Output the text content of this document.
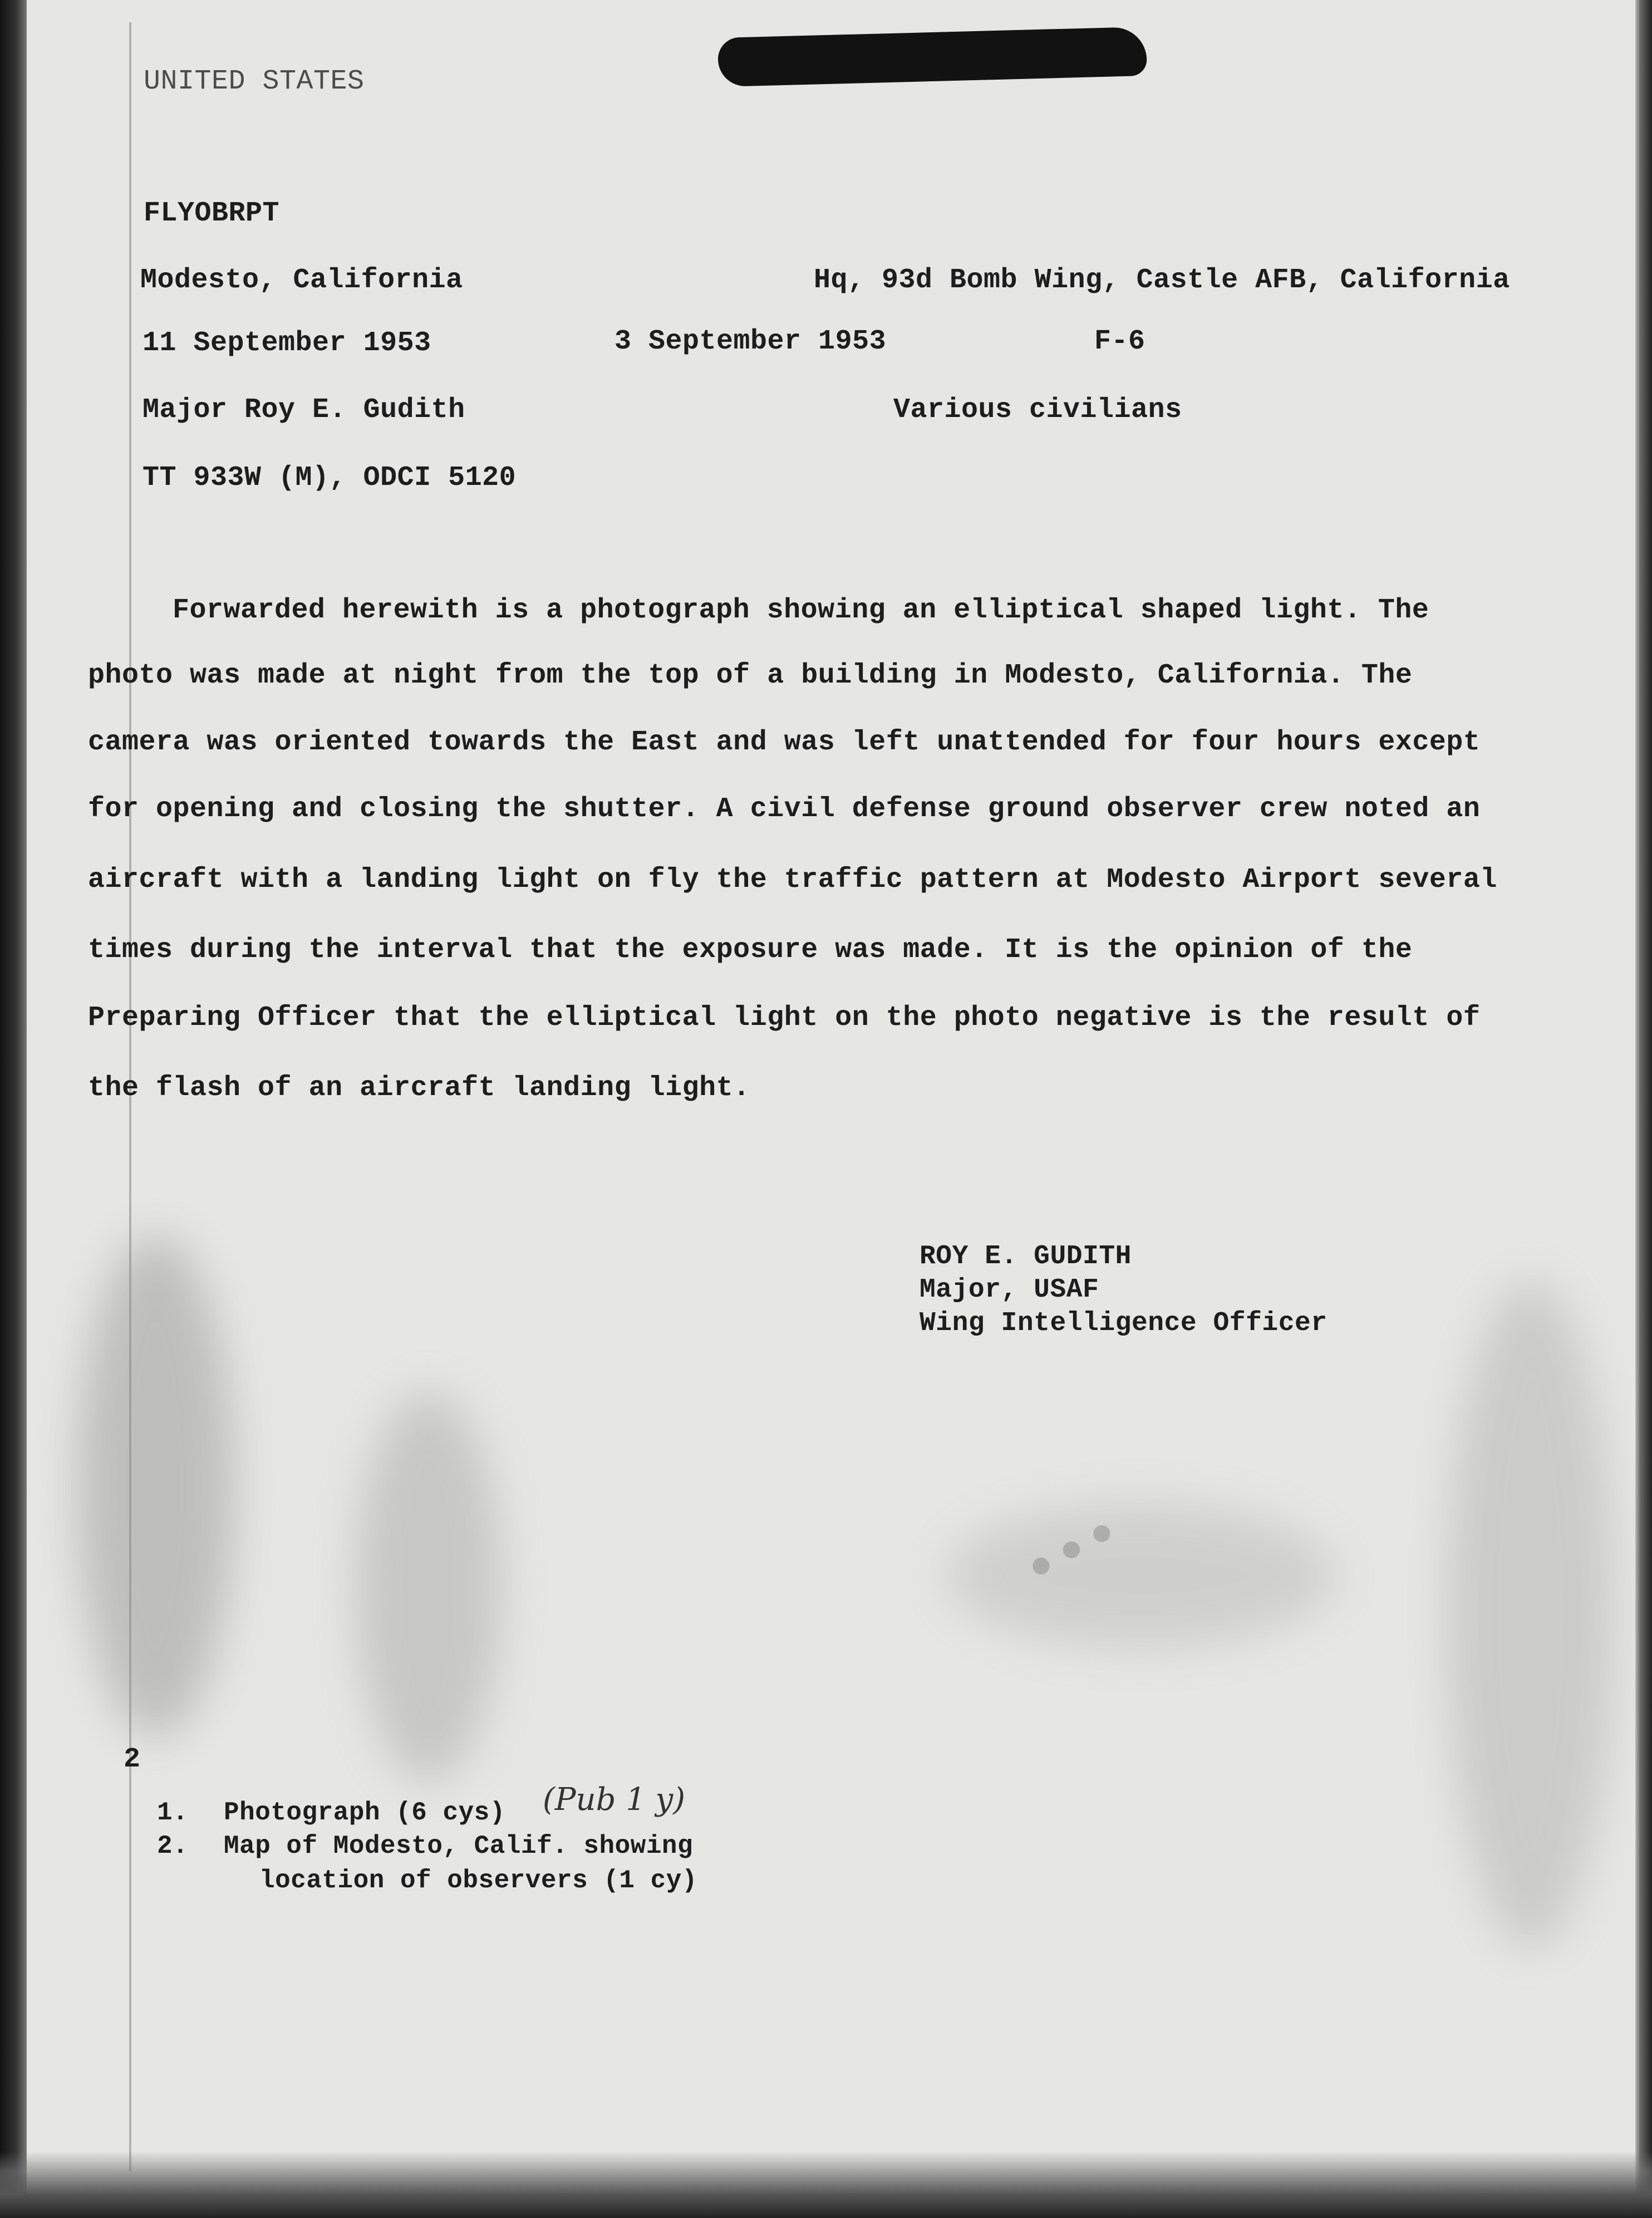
UNITED STATES
FLYOBRPT
Modesto, California	Hq, 93d Bomb Wing, Castle AFB, California
11 September 1953	3 September 1953	F-6
Major Roy E. Gudith	Various civilians
TT 933W (M), ODCI 5120
Forwarded herewith is a photograph showing an elliptical shaped light. The
photo was made at night from the top of a building in Modesto, California. The
camera was oriented towards the East and was left unattended for four hours except
for opening and closing the shutter. A civil defense ground observer crew noted an
aircraft with a landing light on fly the traffic pattern at Modesto Airport several
times during the interval that the exposure was made. It is the opinion of the
Preparing Officer that the elliptical light on the photo negative is the result of
the flash of an aircraft landing light.
ROY E. GUDITH
Major, USAF
Wing Intelligence Officer
● ● ●
2
1. Photograph (6 cys) (Pub 1 y)
2. Map of Modesto, Calif. showing
location of observers (1 cy)
